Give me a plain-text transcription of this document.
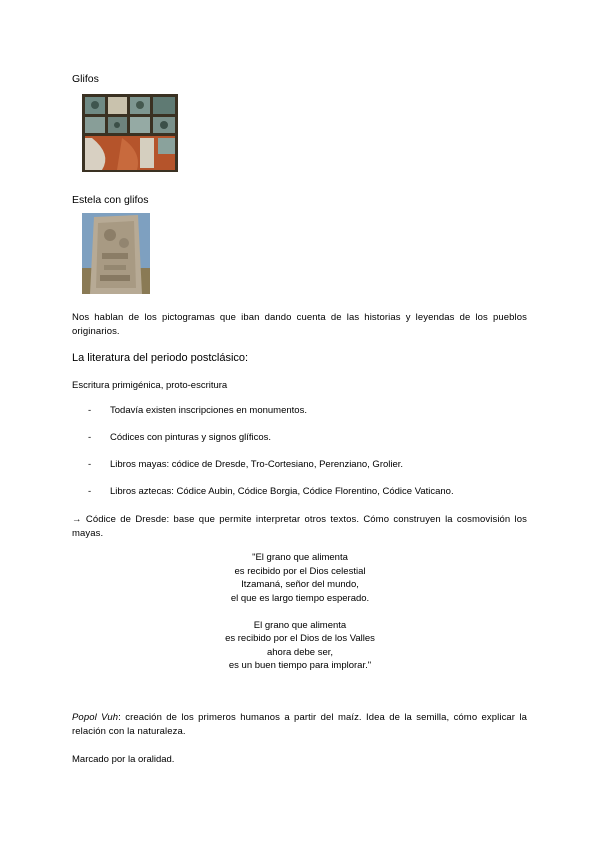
Glifos
Estela con glifos
Nos hablan de los pictogramas que iban dando cuenta de las historias y leyendas de los pueblos originarios.
La literatura del periodo postclásico:
Escritura primigénica, proto-escritura
- Todavía existen inscripciones en monumentos.
- Códices con pinturas y signos glíficos.
- Libros mayas: códice de Dresde, Tro-Cortesiano, Perenziano, Grolier.
- Libros aztecas: Códice Aubin, Códice Borgia, Códice Florentino, Códice Vaticano.
→ Códice de Dresde: base que permite interpretar otros textos. Cómo construyen la cosmovisión los mayas.
"El grano que alimenta
es recibido por el Dios celestial
Itzamaná, señor del mundo,
el que es largo tiempo esperado.
El grano que alimenta
es recibido por el Dios de los Valles
ahora debe ser,
es un buen tiempo para implorar."
Popol Vuh: creación de los primeros humanos a partir del maíz. Idea de la semilla, cómo explicar la relación con la naturaleza.
Marcado por la oralidad.
